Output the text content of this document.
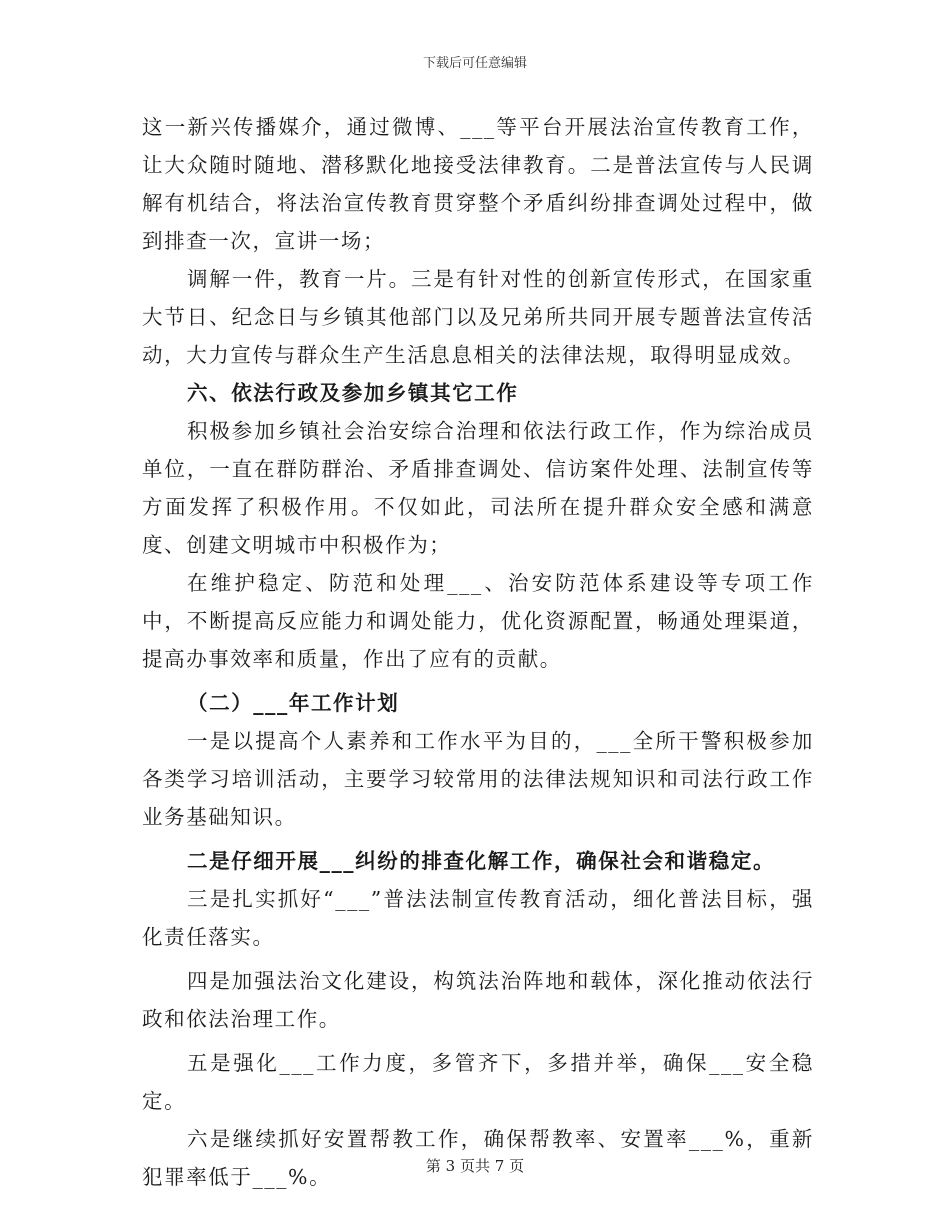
下载后可任意编辑

这一新兴传播媒介，通过微博、___等平台开展法治宣传教育工作，让大众随时随地、潜移默化地接受法律教育。二是普法宣传与人民调解有机结合，将法治宣传教育贯穿整个矛盾纠纷排查调处过程中，做到排查一次，宣讲一场；

调解一件，教育一片。三是有针对性的创新宣传形式，在国家重大节日、纪念日与乡镇其他部门以及兄弟所共同开展专题普法宣传活动，大力宣传与群众生产生活息息相关的法律法规，取得明显成效。

六、依法行政及参加乡镇其它工作

积极参加乡镇社会治安综合治理和依法行政工作，作为综治成员单位，一直在群防群治、矛盾排查调处、信访案件处理、法制宣传等方面发挥了积极作用。不仅如此，司法所在提升群众安全感和满意度、创建文明城市中积极作为；

在维护稳定、防范和处理___、治安防范体系建设等专项工作中，不断提高反应能力和调处能力，优化资源配置，畅通处理渠道，提高办事效率和质量，作出了应有的贡献。

（二）___年工作计划

一是以提高个人素养和工作水平为目的，___全所干警积极参加各类学习培训活动，主要学习较常用的法律法规知识和司法行政工作业务基础知识。

二是仔细开展___纠纷的排查化解工作，确保社会和谐稳定。

三是扎实抓好“___”普法法制宣传教育活动，细化普法目标，强化责任落实。

四是加强法治文化建设，构筑法治阵地和载体，深化推动依法行政和依法治理工作。

五是强化___工作力度，多管齐下，多措并举，确保___安全稳定。

六是继续抓好安置帮教工作，确保帮教率、安置率___%，重新犯罪率低于___%。	第 3 页共 7 页
